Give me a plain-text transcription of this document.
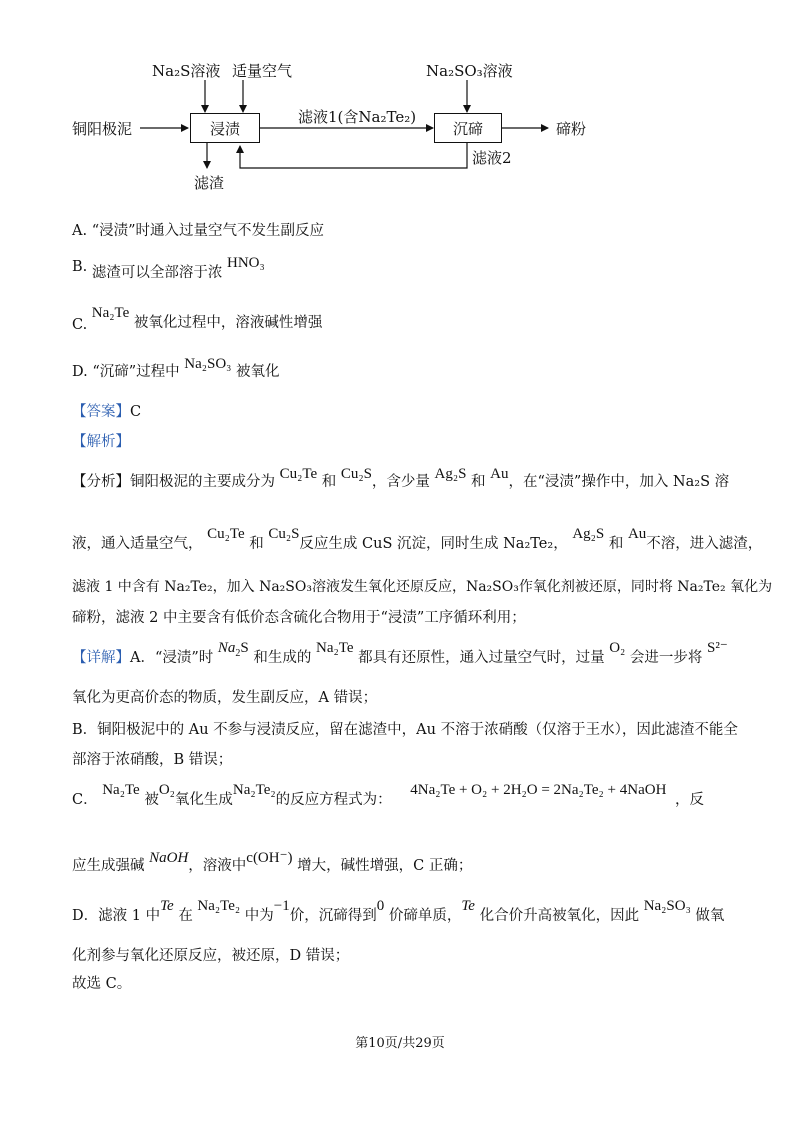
浸渍	沉碲
Na₂S溶液 适量空气	Na₂SO₃溶液
铜阳极泥
滤液1(含Na₂Te₂)
碲粉
滤渣
滤液2
A. “浸渍”时通入过量空气不发生副反应
B. 滤渣可以全部溶于浓 HNO₃
C. Na₂Te 被氧化过程中，溶液碱性增强
D. “沉碲”过程中 Na₂SO₃ 被氧化
【答案】C
【解析】
【分析】铜阳极泥的主要成分为 Cu₂Te 和 Cu₂S，含少量 Ag₂S 和 Au，在“浸渍”操作中，加入 Na₂S 溶
液，通入适量空气， Cu₂Te 和 Cu₂S反应生成 CuS 沉淀，同时生成 Na₂Te₂， Ag₂S 和 Au不溶，进入滤渣，
滤液 1 中含有 Na₂Te₂，加入 Na₂SO₃溶液发生氧化还原反应，Na₂SO₃作氧化剂被还原，同时将 Na₂Te₂ 氧化为
碲粉，滤液 2 中主要含有低价态含硫化合物用于“浸渍”工序循环利用；
【详解】A．“浸渍”时 $Na_2S$ 和生成的 Na₂Te 都具有还原性，通入过量空气时，过量 O₂ 会进一步将 S²⁻
氧化为更高价态的物质，发生副反应，A 错误；
B．铜阳极泥中的 Au 不参与浸渍反应，留在滤渣中，Au 不溶于浓硝酸（仅溶于王水），因此滤渣不能全
部溶于浓硝酸，B 错误；
C． Na₂Te 被O₂氧化生成Na₂Te₂的反应方程式为： 4Na₂Te + O₂ + 2H₂O = 2Na₂Te₂ + 4NaOH ，反
应生成强碱 NaOH，溶液中c(OH⁻) 增大，碱性增强，C 正确；
D．滤液 1 中Te 在 Na₂Te₂ 中为−1价，沉碲得到0 价碲单质，Te 化合价升高被氧化，因此 Na₂SO₃ 做氧
化剂参与氧化还原反应，被还原，D 错误；
故选 C。
第10页/共29页
